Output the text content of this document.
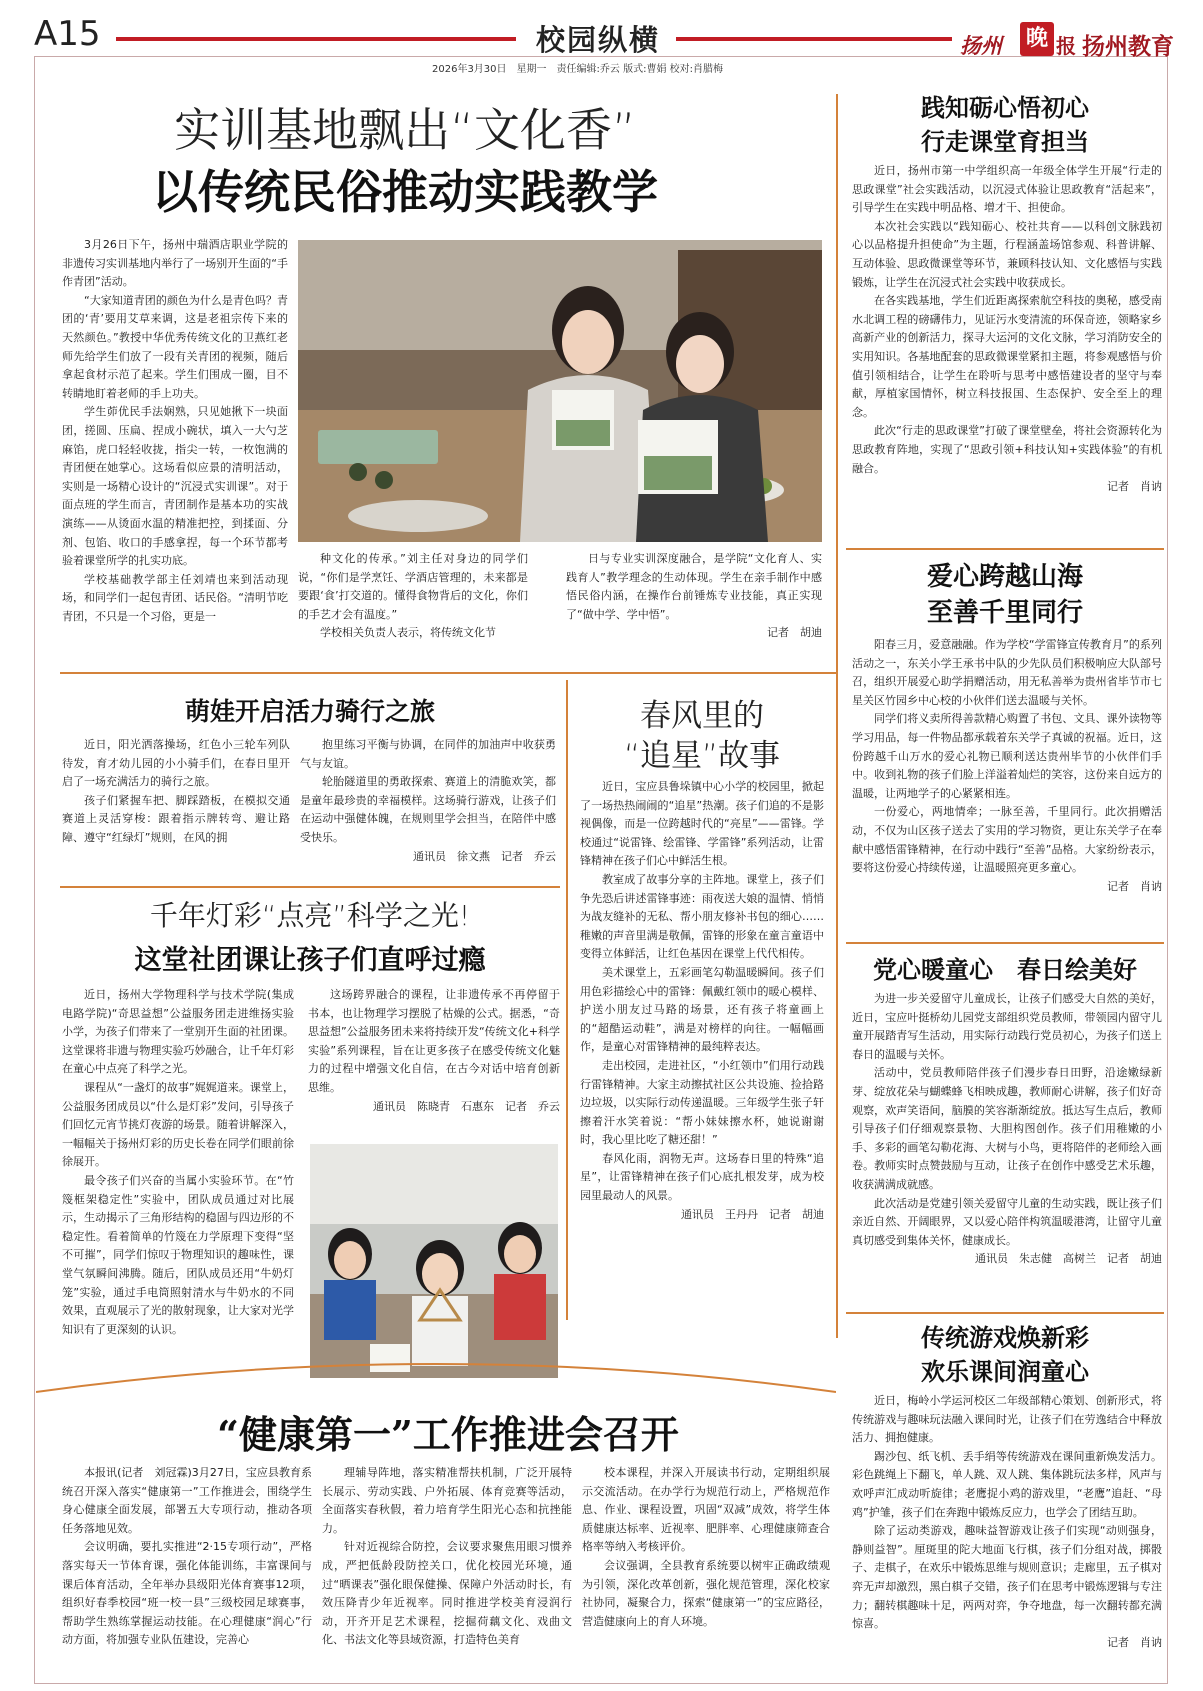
A15	校园纵横
2026年3月30日　星期一　责任编辑:乔云 版式:曹娟 校对:肖腊梅
扬州 晚 报 扬州教育
实训基地飘出“文化香”
以传统民俗推动实践教学

3月26日下午，扬州中瑞酒店职业学院的非遗传习实训基地内举行了一场别开生面的“手作青团”活动。

“大家知道青团的颜色为什么是青色吗？青团的‘青’要用艾草来调，这是老祖宗传下来的天然颜色。”教授中华优秀传统文化的卫燕红老师先给学生们放了一段有关青团的视频，随后拿起食材示范了起来。学生们围成一圈，目不转睛地盯着老师的手上功夫。

学生茆优民手法娴熟，只见她揪下一块面团，搓圆、压扁、捏成小碗状，填入一大勺芝麻馅，虎口轻轻收拢，指尖一转，一枚饱满的青团便在她掌心。这场看似应景的清明活动，实则是一场精心设计的“沉浸式实训课”。对于面点班的学生而言，青团制作是基本功的实战演练——从烫面水温的精准把控，到揉面、分剂、包馅、收口的手感拿捏，每一个环节都考验着课堂所学的扎实功底。

学校基础教学部主任刘靖也来到活动现场，和同学们一起包青团、话民俗。“清明节吃青团，不只是一个习俗，更是一

种文化的传承。”刘主任对身边的同学们说，“你们是学烹饪、学酒店管理的，未来都是要跟‘食’打交道的。懂得食物背后的文化，你们的手艺才会有温度。”

学校相关负责人表示，将传统文化节

日与专业实训深度融合，是学院“文化育人、实践育人”教学理念的生动体现。学生在亲手制作中感悟民俗内涵，在操作台前锤炼专业技能，真正实现了“做中学、学中悟”。

记者　胡迪
萌娃开启活力骑行之旅

近日，阳光洒落操场，红色小三轮车列队待发，育才幼儿园的小小骑手们，在春日里开启了一场充满活力的骑行之旅。

孩子们紧握车把、脚踩踏板，在模拟交通赛道上灵活穿梭：跟着指示牌转弯、避让路障、遵守“红绿灯”规则，在风的拥

抱里练习平衡与协调，在同伴的加油声中收获勇气与友谊。

轮胎隧道里的勇敢探索、赛道上的清脆欢笑，都是童年最珍贵的幸福模样。这场骑行游戏，让孩子们在运动中强健体魄，在规则里学会担当，在陪伴中感受快乐。

通讯员　徐文燕　记者　乔云
千年灯彩“点亮”科学之光!
这堂社团课让孩子们直呼过瘾

近日，扬州大学物理科学与技术学院(集成电路学院)“奇思益想”公益服务团走进维扬实验小学，为孩子们带来了一堂别开生面的社团课。这堂课将非遗与物理实验巧妙融合，让千年灯彩在童心中点亮了科学之光。

课程从“一盏灯的故事”娓娓道来。课堂上，公益服务团成员以“什么是灯彩”发问，引导孩子们回忆元宵节挑灯夜游的场景。随着讲解深入，一幅幅关于扬州灯彩的历史长卷在同学们眼前徐徐展开。

最令孩子们兴奋的当属小实验环节。在“竹篾框架稳定性”实验中，团队成员通过对比展示，生动揭示了三角形结构的稳固与四边形的不稳定性。看着简单的竹篾在力学原理下变得“坚不可摧”，同学们惊叹于物理知识的趣味性，课堂气氛瞬间沸腾。随后，团队成员还用“牛奶灯笼”实验，通过手电筒照射清水与牛奶水的不同效果，直观展示了光的散射现象，让大家对光学知识有了更深刻的认识。

这场跨界融合的课程，让非遗传承不再停留于书本，也让物理学习摆脱了枯燥的公式。据悉，“奇思益想”公益服务团未来将持续开发“传统文化+科学实验”系列课程，旨在让更多孩子在感受传统文化魅力的过程中增强文化自信，在古今对话中培育创新思维。

通讯员　陈晓青　石惠东　记者　乔云
春风里的
“追星”故事

近日，宝应县鲁垛镇中心小学的校园里，掀起了一场热热闹闹的“追星”热潮。孩子们追的不是影视偶像，而是一位跨越时代的“亮星”——雷锋。学校通过“说雷锋、绘雷锋、学雷锋”系列活动，让雷锋精神在孩子们心中鲜活生根。

教室成了故事分享的主阵地。课堂上，孩子们争先恐后讲述雷锋事迹：雨夜送大娘的温情、悄悄为战友缝补的无私、帮小朋友修补书包的细心……稚嫩的声音里满是敬佩，雷锋的形象在童言童语中变得立体鲜活，让红色基因在课堂上代代相传。

美术课堂上，五彩画笔勾勒温暖瞬间。孩子们用色彩描绘心中的雷锋：佩戴红领巾的暖心模样、护送小朋友过马路的场景，还有孩子将童画上的“超酷运动鞋”，满是对榜样的向往。一幅幅画作，是童心对雷锋精神的最纯粹表达。

走出校园，走进社区，“小红领巾”们用行动践行雷锋精神。大家主动擦拭社区公共设施、捡拾路边垃圾，以实际行动传递温暖。三年级学生张子轩擦着汗水笑着说：“帮小妹妹擦水杯，她说谢谢时，我心里比吃了糖还甜！”

春风化雨，润物无声。这场春日里的特殊“追星”，让雷锋精神在孩子们心底扎根发芽，成为校园里最动人的风景。

通讯员　王丹丹　记者　胡迪
“健康第一”工作推进会召开

本报讯(记者　刘冠霖)3月27日，宝应县教育系统召开深入落实“健康第一”工作推进会，围绕学生身心健康全面发展，部署五大专项行动，推动各项任务落地见效。

会议明确，要扎实推进“2·15专项行动”，严格落实每天一节体育课，强化体能训练，丰富课间与课后体育活动，全年举办县级阳光体育赛事12项，组织好春季校园“班一校一县”三级校园足球赛事，帮助学生熟练掌握运动技能。在心理健康“润心”行动方面，将加强专业队伍建设，完善心

理辅导阵地，落实精准帮扶机制，广泛开展特长展示、劳动实践、户外拓展、体育竞赛等活动，全面落实春秋假，着力培育学生阳光心态和抗挫能力。

针对近视综合防控，会议要求聚焦用眼习惯养成，严把低龄段防控关口，优化校园光环境，通过“晒课表”强化眼保健操、保障户外活动时长，有效压降青少年近视率。同时推进学校美育浸润行动，开齐开足艺术课程，挖掘荷藕文化、戏曲文化、书法文化等县域资源，打造特色美育

校本课程，并深入开展读书行动，定期组织展示交流活动。在办学行为规范行动上，严格规范作息、作业、课程设置，巩固“双减”成效，将学生体质健康达标率、近视率、肥胖率、心理健康筛查合格率等纳入考核评价。

会议强调，全县教育系统要以树牢正确政绩观为引领，深化改革创新，强化规范管理，深化校家社协同，凝聚合力，探索“健康第一”的宝应路径，营造健康向上的育人环境。

践知砺心悟初心
行走课堂育担当

近日，扬州市第一中学组织高一年级全体学生开展“行走的思政课堂”社会实践活动，以沉浸式体验让思政教育“活起来”，引导学生在实践中明品格、增才干、担使命。

本次社会实践以“践知砺心、校社共育——以科创文脉践初心以品格提升担使命”为主题，行程涵盖场馆参观、科普讲解、互动体验、思政微课堂等环节，兼顾科技认知、文化感悟与实践锻炼，让学生在沉浸式社会实践中收获成长。

在各实践基地，学生们近距离探索航空科技的奥秘，感受南水北调工程的磅礴伟力，见证污水变清流的环保奇迹，领略家乡高新产业的创新活力，探寻大运河的文化文脉，学习消防安全的实用知识。各基地配套的思政微课堂紧扣主题，将参观感悟与价值引领相结合，让学生在聆听与思考中感悟建设者的坚守与奉献，厚植家国情怀，树立科技报国、生态保护、安全至上的理念。

此次“行走的思政课堂”打破了课堂壁垒，将社会资源转化为思政教育阵地，实现了“思政引领+科技认知+实践体验”的有机融合。

记者　肖讷
爱心跨越山海
至善千里同行

阳春三月，爱意融融。作为学校“学雷锋宣传教育月”的系列活动之一，东关小学王承书中队的少先队员们积极响应大队部号召，组织开展爱心助学捐赠活动，用无私善举为贵州省毕节市七星关区竹园乡中心校的小伙伴们送去温暖与关怀。

同学们将义卖所得善款精心购置了书包、文具、课外读物等学习用品，每一件物品都承载着东关学子真诚的祝福。近日，这份跨越千山万水的爱心礼物已顺利送达贵州毕节的小伙伴们手中。收到礼物的孩子们脸上洋溢着灿烂的笑容，这份来自远方的温暖，让两地学子的心紧紧相连。

一份爱心，两地情牵；一脉至善，千里同行。此次捐赠活动，不仅为山区孩子送去了实用的学习物资，更让东关学子在奉献中感悟雷锋精神，在行动中践行“至善”品格。大家纷纷表示，要将这份爱心持续传递，让温暖照亮更多童心。

记者　肖讷
党心暖童心　春日绘美好

为进一步关爱留守儿童成长，让孩子们感受大自然的美好，近日，宝应叶挺桥幼儿园党支部组织党员教师，带领园内留守儿童开展踏青写生活动，用实际行动践行党员初心，为孩子们送上春日的温暖与关怀。

活动中，党员教师陪伴孩子们漫步春日田野，沿途嫩绿新芽、绽放花朵与蝴蝶蜂飞相映成趣，教师耐心讲解，孩子们好奇观察，欢声笑语间，脑膜的笑容渐渐绽放。抵达写生点后，教师引导孩子们仔细观察景物、大胆构图创作。孩子们用稚嫩的小手、多彩的画笔勾勒花海、大树与小鸟，更将陪伴的老师绘入画卷。教师实时点赞鼓励与互动，让孩子在创作中感受艺术乐趣，收获满满成就感。

此次活动是党建引领关爱留守儿童的生动实践，既让孩子们亲近自然、开阔眼界，又以爱心陪伴构筑温暖港湾，让留守儿童真切感受到集体关怀，健康成长。

通讯员　朱志健　高树兰　记者　胡迪
传统游戏焕新彩
欢乐课间润童心

近日，梅岭小学运河校区二年级部精心策划、创新形式，将传统游戏与趣味玩法融入课间时光，让孩子们在劳逸结合中释放活力、拥抱健康。

踢沙包、纸飞机、丢手绢等传统游戏在课间重新焕发活力。彩色跳绳上下翻飞，单人跳、双人跳、集体跳玩法多样，风声与欢呼声汇成动听旋律；老鹰捉小鸡的游戏里，“老鹰”追赶、“母鸡”护雏，孩子们在奔跑中锻炼反应力，也学会了团结互助。

除了运动类游戏，趣味益智游戏让孩子们实现“动则强身，静则益智”。厘斑里的陀大地面飞行棋，孩子们分组对战，掷骰子、走棋子，在欢乐中锻炼思维与规则意识；走廊里，五子棋对弈无声却激烈，黑白棋子交错，孩子们在思考中锻炼逻辑与专注力；翻转棋趣味十足，两两对弈，争夺地盘，每一次翻转都充满惊喜。

记者　肖讷
